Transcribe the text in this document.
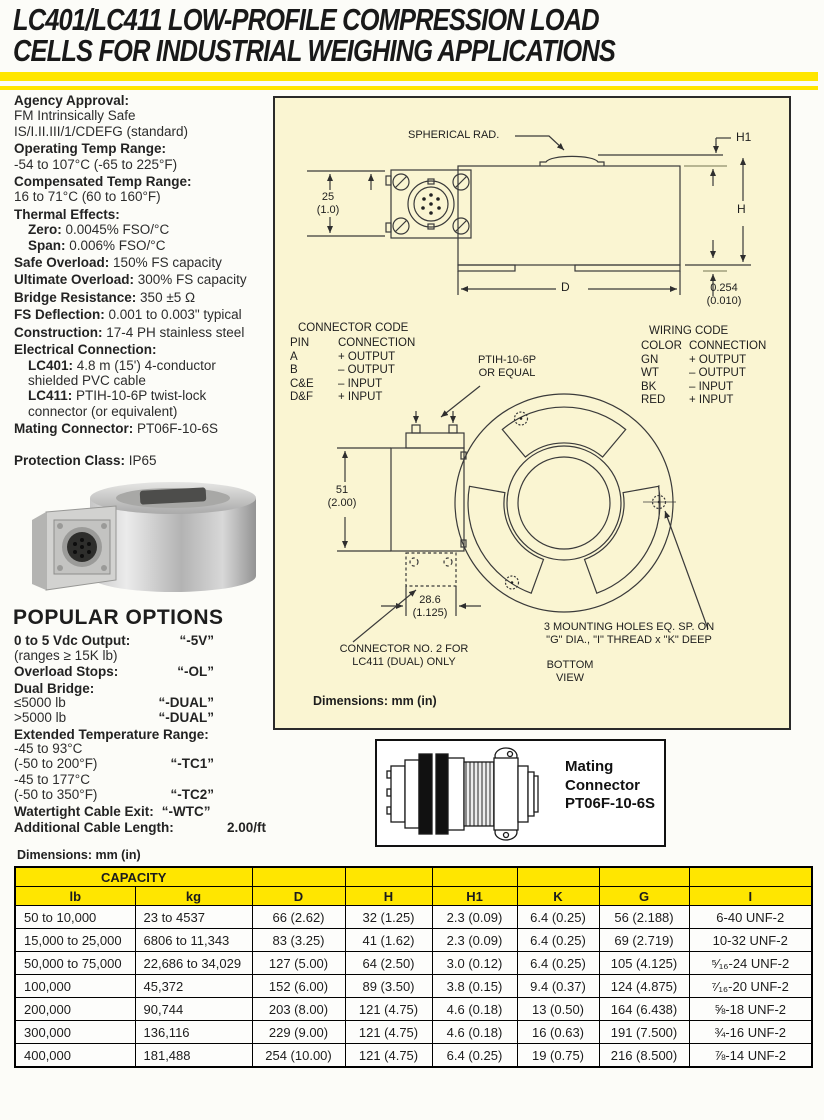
LC401/LC411 LOW-PROFILE COMPRESSION LOAD
CELLS FOR INDUSTRIAL WEIGHING APPLICATIONS
Agency Approval:
FM Intrinsically Safe
IS/I.II.III/1/CDEFG (standard)
Operating Temp Range:
-54 to 107°C (-65 to 225°F)
Compensated Temp Range:
16 to 71°C (60 to 160°F)
Thermal Effects:
Zero: 0.0045% FSO/°C
Span: 0.006% FSO/°C
Safe Overload: 150% FS capacity
Ultimate Overload: 300% FS capacity
Bridge Resistance: 350 ±5 Ω
FS Deflection: 0.001 to 0.003" typical
Construction: 17-4 PH stainless steel
Electrical Connection:
LC401: 4.8 m (15') 4-conductor
shielded PVC cable
LC411: PTIH-10-6P twist-lock
connector (or equivalent)
Mating Connector: PT06F-10-6S
Protection Class: IP65
POPULAR OPTIONS
0 to 5 Vdc Output:	“-5V”
(ranges ≥ 15K lb)
Overload Stops:	“-OL”
Dual Bridge:
≤5000 lb	“-DUAL”
>5000 lb	“-DUAL”
Extended Temperature Range:
-45 to 93°C
(-50 to 200°F)	“-TC1”
-45 to 177°C
(-50 to 350°F)	“-TC2”
Watertight Cable Exit: “-WTC”
Additional Cable Length:	2.00/ft
SPHERICAL RAD.
25
(1.0)
H1
H
D	0.254
(0.010)
PTIH-10-6P
OR EQUAL
51
(2.00)
28.6
(1.125)
CONNECTOR NO. 2 FOR
LC411 (DUAL) ONLY
3 MOUNTING HOLES EQ. SP. ON
"G" DIA., "I" THREAD x "K" DEEP
BOTTOM
VIEW
Dimensions: mm (in)
CONNECTOR CODE
PIN	CONNECTION
A	+ OUTPUT
B	– OUTPUT
C&E	– INPUT
D&F	+ INPUT
WIRING CODE
COLOR CONNECTION
GN	+ OUTPUT
WT	– OUTPUT
BK	– INPUT
RED	+ INPUT
Mating
Connector
PT06F-10-6S
Dimensions: mm (in)
CAPACITY							
lb	kg	D	H	H1	K	G	I
50 to 10,000	23 to 4537	66 (2.62)	32 (1.25)	2.3 (0.09)	6.4 (0.25)	56 (2.188)	6-40 UNF-2
15,000 to 25,000	6806 to 11,343	83 (3.25)	41 (1.62)	2.3 (0.09)	6.4 (0.25)	69 (2.719)	10-32 UNF-2
50,000 to 75,000	22,686 to 34,029	127 (5.00)	64 (2.50)	3.0 (0.12)	6.4 (0.25)	105 (4.125)	⁵⁄₁₆-24 UNF-2
100,000	45,372	152 (6.00)	89 (3.50)	3.8 (0.15)	9.4 (0.37)	124 (4.875)	⁷⁄₁₆-20 UNF-2
200,000	90,744	203 (8.00)	121 (4.75)	4.6 (0.18)	13 (0.50)	164 (6.438)	⅝-18 UNF-2
300,000	136,116	229 (9.00)	121 (4.75)	4.6 (0.18)	16 (0.63)	191 (7.500)	¾-16 UNF-2
400,000	181,488	254 (10.00)	121 (4.75)	6.4 (0.25)	19 (0.75)	216 (8.500)	⅞-14 UNF-2
